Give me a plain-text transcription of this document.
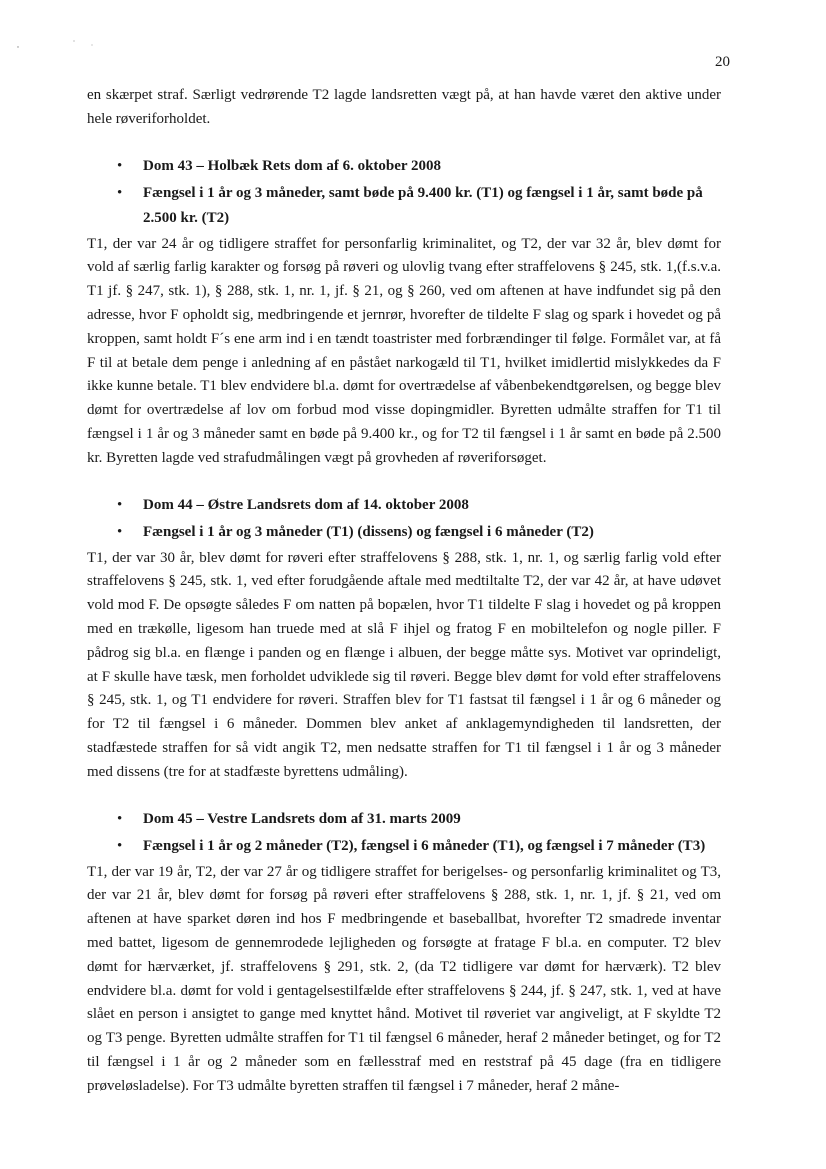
20

en skærpet straf. Særligt vedrørende T2 lagde landsretten vægt på, at han havde været den aktive under hele røveriforholdet.

• Dom 43 – Holbæk Rets dom af 6. oktober 2008
• Fængsel i 1 år og 3 måneder, samt bøde på 9.400 kr. (T1) og fængsel i 1 år, samt bøde på 2.500 kr. (T2)

T1, der var 24 år og tidligere straffet for personfarlig kriminalitet, og T2, der var 32 år, blev dømt for vold af særlig farlig karakter og forsøg på røveri og ulovlig tvang efter straffelovens § 245, stk. 1,(f.s.v.a. T1 jf. § 247, stk. 1), § 288, stk. 1, nr. 1, jf. § 21, og § 260, ved om aftenen at have indfundet sig på den adresse, hvor F opholdt sig, medbringende et jernrør, hvorefter de tildelte F slag og spark i hovedet og på kroppen, samt holdt F´s ene arm ind i en tændt toastrister med forbrændinger til følge. Formålet var, at få F til at betale dem penge i anledning af en påstået narkogæld til T1, hvilket imidlertid mislykkedes da F ikke kunne betale. T1 blev endvidere bl.a. dømt for overtrædelse af våbenbekendtgørelsen, og begge blev dømt for overtrædelse af lov om forbud mod visse dopingmidler. Byretten udmålte straffen for T1 til fængsel i 1 år og 3 måneder samt en bøde på 9.400 kr., og for T2 til fængsel i 1 år samt en bøde på 2.500 kr. Byretten lagde ved strafudmålingen vægt på grovheden af røveriforsøget.

• Dom 44 – Østre Landsrets dom af 14. oktober 2008
• Fængsel i 1 år og 3 måneder (T1) (dissens) og fængsel i 6 måneder (T2)

T1, der var 30 år, blev dømt for røveri efter straffelovens § 288, stk. 1, nr. 1, og særlig farlig vold efter straffelovens § 245, stk. 1, ved efter forudgående aftale med medtiltalte T2, der var 42 år, at have udøvet vold mod F. De opsøgte således F om natten på bopælen, hvor T1 tildelte F slag i hovedet og på kroppen med en trækølle, ligesom han truede med at slå F ihjel og fratog F en mobiltelefon og nogle piller. F pådrog sig bl.a. en flænge i panden og en flænge i albuen, der begge måtte sys. Motivet var oprindeligt, at F skulle have tæsk, men forholdet udviklede sig til røveri. Begge blev dømt for vold efter straffelovens § 245, stk. 1, og T1 endvidere for røveri. Straffen blev for T1 fastsat til fængsel i 1 år og 6 måneder og for T2 til fængsel i 6 måneder. Dommen blev anket af anklagemyndigheden til landsretten, der stadfæstede straffen for så vidt angik T2, men nedsatte straffen for T1 til fængsel i 1 år og 3 måneder med dissens (tre for at stadfæste byrettens udmåling).

• Dom 45 – Vestre Landsrets dom af 31. marts 2009
• Fængsel i 1 år og 2 måneder (T2), fængsel i 6 måneder (T1), og fængsel i 7 måneder (T3)

T1, der var 19 år, T2, der var 27 år og tidligere straffet for berigelses- og personfarlig kriminalitet og T3, der var 21 år, blev dømt for forsøg på røveri efter straffelovens § 288, stk. 1, nr. 1, jf. § 21, ved om aftenen at have sparket døren ind hos F medbringende et baseballbat, hvorefter T2 smadrede inventar med battet, ligesom de gennemrodede lejligheden og forsøgte at fratage F bl.a. en computer. T2 blev dømt for hærværket, jf. straffelovens § 291, stk. 2, (da T2 tidligere var dømt for hærværk). T2 blev endvidere bl.a. dømt for vold i gentagelsestilfælde efter straffelovens § 244, jf. § 247, stk. 1, ved at have slået en person i ansigtet to gange med knyttet hånd. Motivet til røveriet var angiveligt, at F skyldte T2 og T3 penge. Byretten udmålte straffen for T1 til fængsel 6 måneder, heraf 2 måneder betinget, og for T2 til fængsel i 1 år og 2 måneder som en fællesstraf med en reststraf på 45 dage (fra en tidligere prøveløsladelse). For T3 udmålte byretten straffen til fængsel i 7 måneder, heraf 2 måne-
